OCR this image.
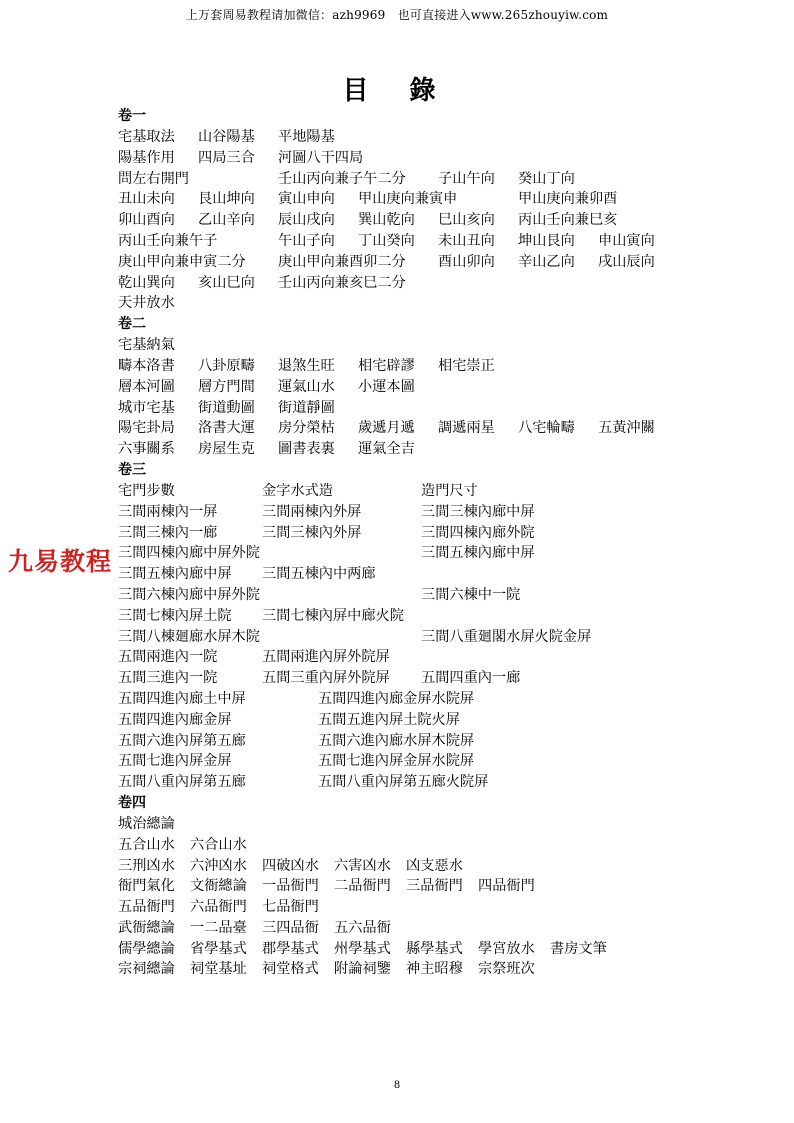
上万套周易教程请加微信：azh9969　也可直接进入www.265zhouyiw.com
目 錄
卷一
宅基取法 山谷陽基 平地陽基
陽基作用 四局三合 河圖八干四局
問左右開門	壬山丙向兼子午二分 子山午向 癸山丁向
丑山未向 艮山坤向 寅山申向 甲山庚向兼寅申	甲山庚向兼卯酉
卯山酉向 乙山辛向 辰山戌向 巽山乾向 巳山亥向 丙山壬向兼巳亥
丙山壬向兼午子	午山子向 丁山癸向 未山丑向 坤山艮向 申山寅向
庚山甲向兼申寅二分 庚山甲向兼酉卯二分 酉山卯向 辛山乙向 戌山辰向
乾山巽向 亥山巳向 壬山丙向兼亥巳二分
天井放水
卷二
宅基納氣
疇本洛書 八卦原疇 退煞生旺 相宅辟謬 相宅崇正
層本河圖 層方門間 運氣山水 小運本圖
城市宅基 街道動圖 街道靜圖
陽宅卦局 洛書大運 房分榮枯 歲遞月遞 調遞兩星 八宅輪疇 五黃沖關
六事關系 房屋生克 圖書表裏 運氣全吉
卷三
宅門步數	金字水式造	造門尺寸
三間兩棟內一屏	三間兩棟內外屏	三間三棟內廊中屏
三間三棟內一廊	三間三棟內外屏	三間四棟內廊外院
三間四棟內廊中屏外院	三間五棟內廊中屏
三間五棟內廊中屏 三間五棟內中两廊
三間六棟內廊中屏外院	三間六棟中一院
三間七棟內屏土院 三間七棟內屏中廊火院
三間八棟廻廊水屏木院	三間八重廻閣水屏火院金屏
五間兩進內一院	五間兩進內屏外院屏
五間三進內一院	五間三重內屏外院屏 五間四重內一廊
五間四進內廊土中屏	五間四進內廊金屏水院屏
五間四進內廊金屏	五間五進內屏土院火屏
五間六進內屏第五廊	五間六進內廊水屏木院屏
五間七進內屏金屏	五間七進內屏金屏水院屏
五間八重內屏第五廊	五間八重內屏第五廊火院屏
卷四
城治總論
五合山水 六合山水
三刑凶水 六沖凶水 四破凶水 六害凶水 凶支惡水
衙門氣化 文衙總論 一品衙門 二品衙門 三品衙門 四品衙門
五品衙門 六品衙門 七品衙門
武衙總論 一二品臺 三四品衙 五六品衙
儒學總論 省學基式 郡學基式 州學基式 縣學基式 學宮放水 書房文筆
宗祠總論 祠堂基址 祠堂格式 附論祠鑒 神主昭穆 宗祭班次
九易教程
8
